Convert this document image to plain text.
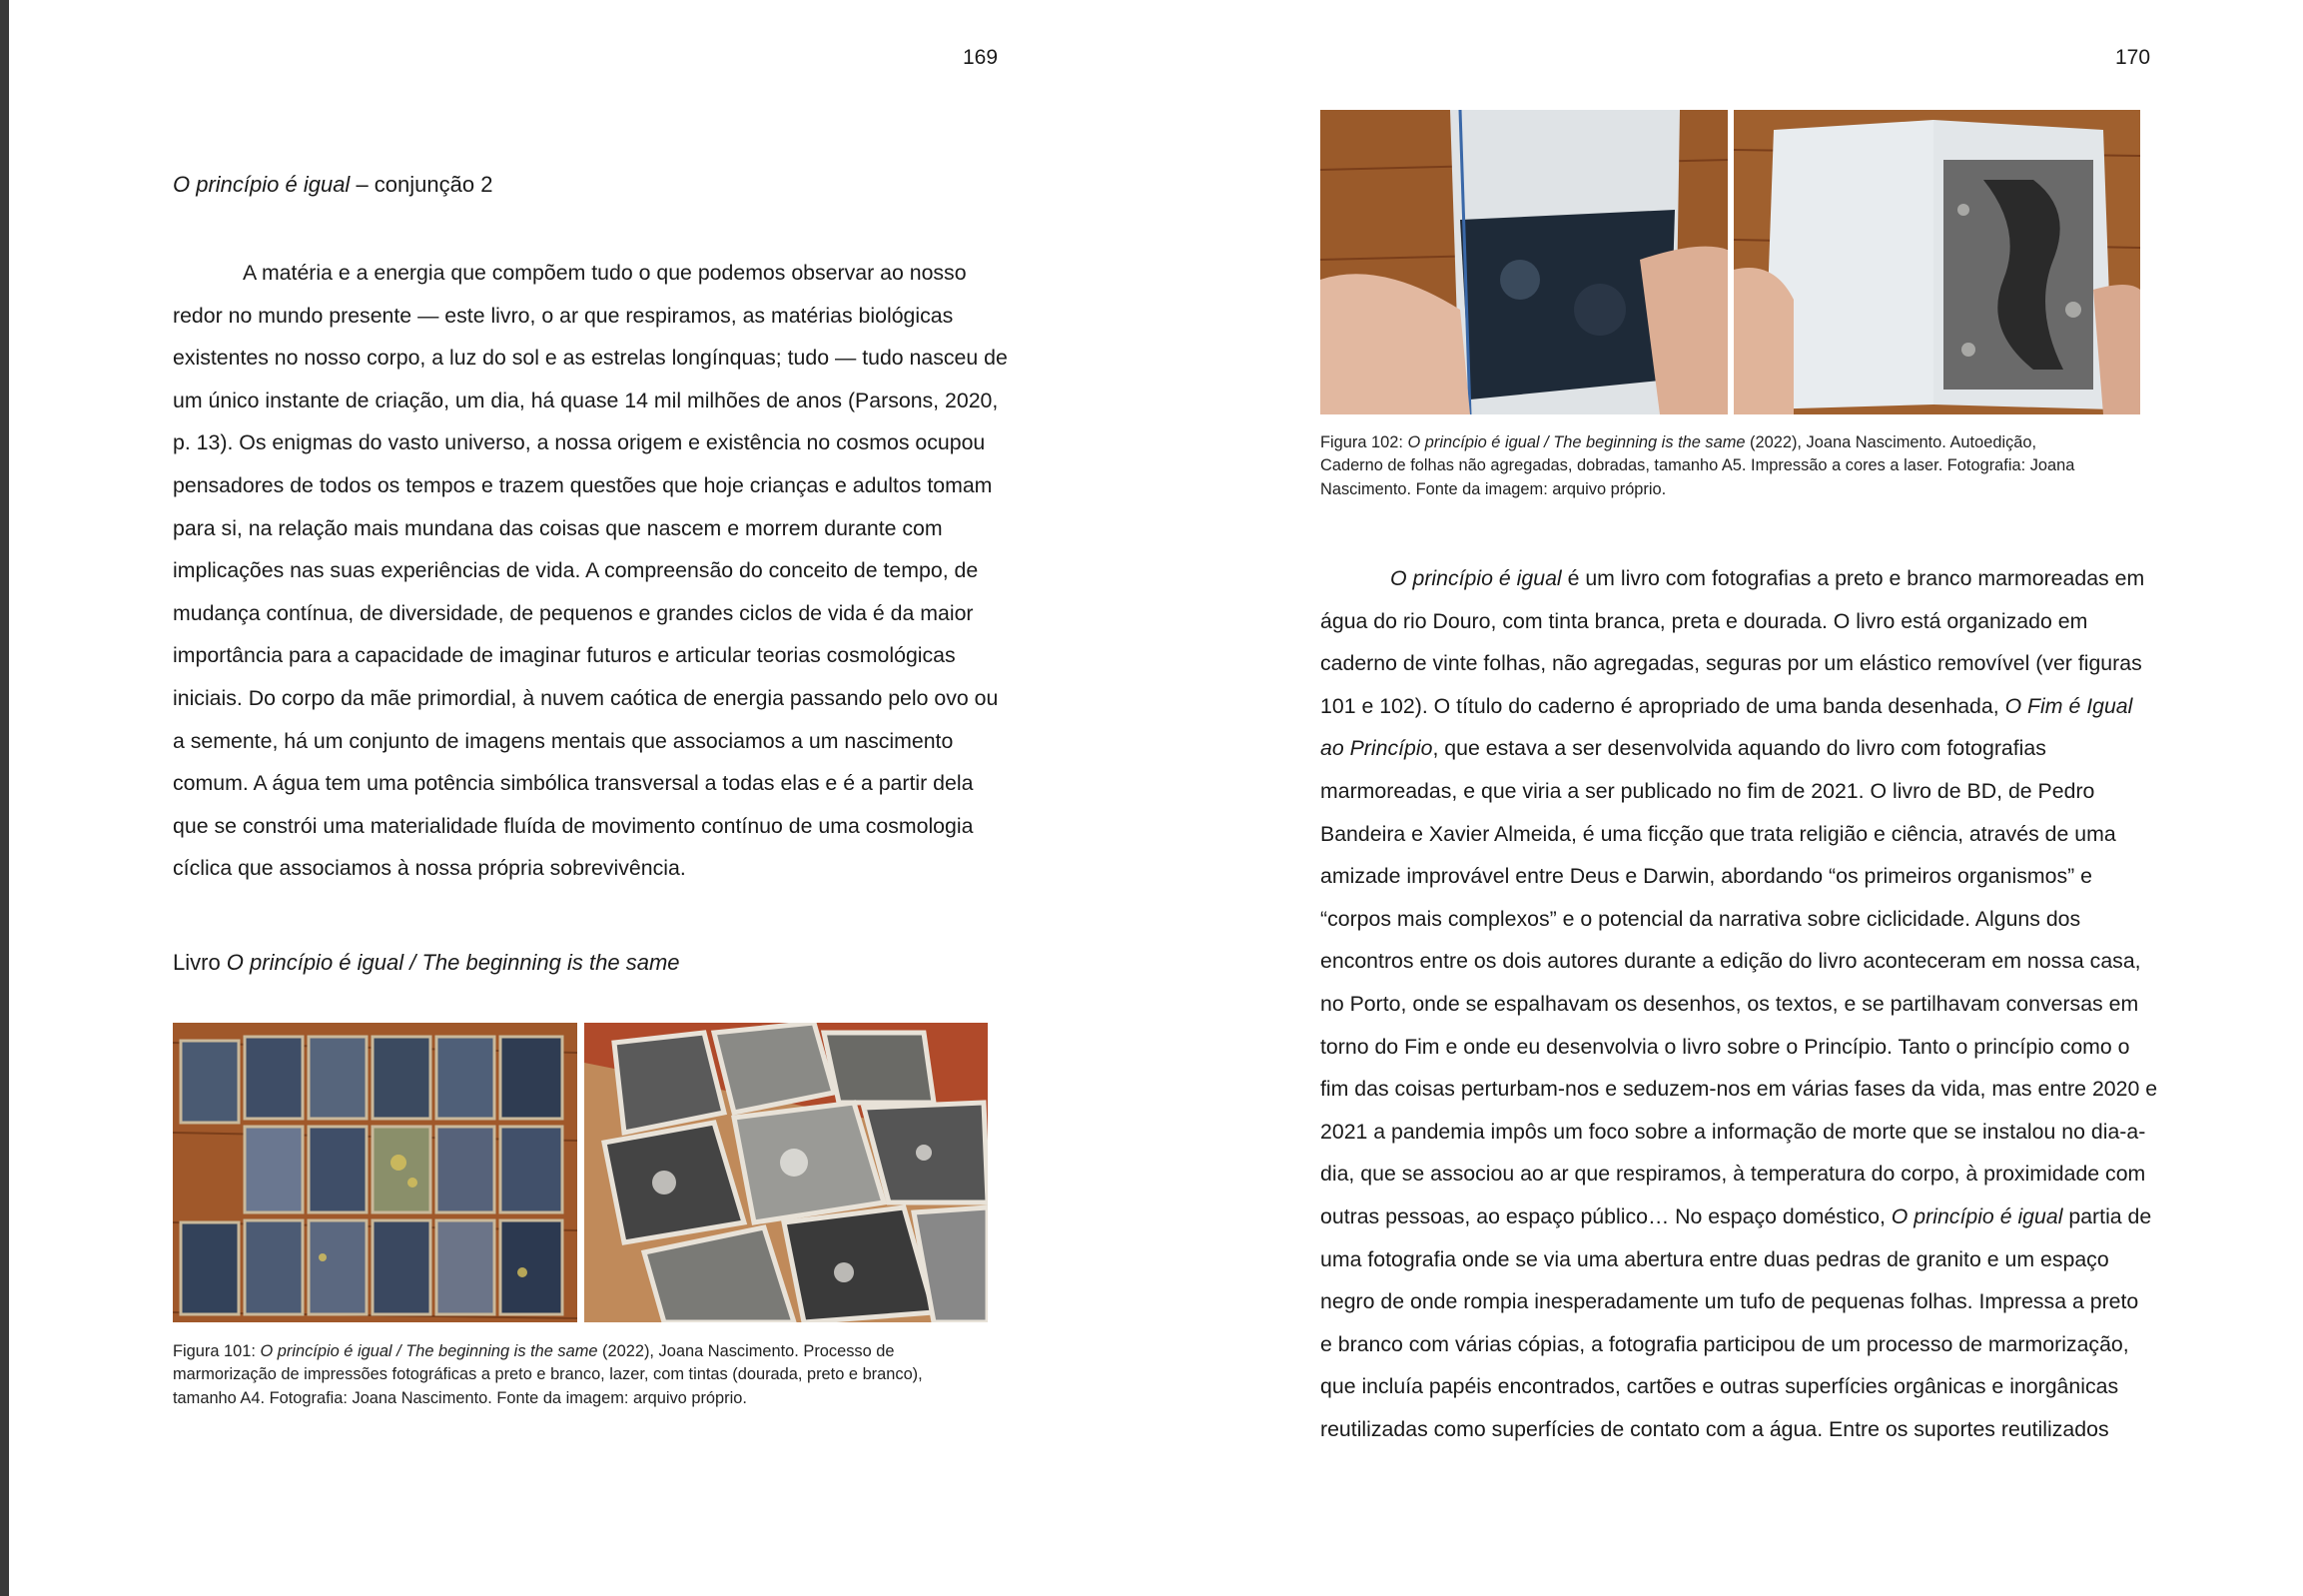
169
O princípio é igual – conjunção 2
A matéria e a energia que compõem tudo o que podemos observar ao nosso
redor no mundo presente — este livro, o ar que respiramos, as matérias biológicas
existentes no nosso corpo, a luz do sol e as estrelas longínquas; tudo — tudo nasceu de
um único instante de criação, um dia, há quase 14 mil milhões de anos (Parsons, 2020,
p. 13). Os enigmas do vasto universo, a nossa origem e existência no cosmos ocupou
pensadores de todos os tempos e trazem questões que hoje crianças e adultos tomam
para si, na relação mais mundana das coisas que nascem e morrem durante com
implicações nas suas experiências de vida. A compreensão do conceito de tempo, de
mudança contínua, de diversidade, de pequenos e grandes ciclos de vida é da maior
importância para a capacidade de imaginar futuros e articular teorias cosmológicas
iniciais. Do corpo da mãe primordial, à nuvem caótica de energia passando pelo ovo ou
a semente, há um conjunto de imagens mentais que associamos a um nascimento
comum. A água tem uma potência simbólica transversal a todas elas e é a partir dela
que se constrói uma materialidade fluída de movimento contínuo de uma cosmologia
cíclica que associamos à nossa própria sobrevivência.
Livro O princípio é igual / The beginning is the same
Figura 101: O princípio é igual / The beginning is the same (2022), Joana Nascimento. Processo de
marmorização de impressões fotográficas a preto e branco, lazer, com tintas (dourada, preto e branco),
tamanho A4. Fotografia: Joana Nascimento. Fonte da imagem: arquivo próprio.
170
Figura 102: O princípio é igual / The beginning is the same (2022), Joana Nascimento. Autoedição,
Caderno de folhas não agregadas, dobradas, tamanho A5. Impressão a cores a laser. Fotografia: Joana
Nascimento. Fonte da imagem: arquivo próprio.
O princípio é igual é um livro com fotografias a preto e branco marmoreadas em
água do rio Douro, com tinta branca, preta e dourada. O livro está organizado em
caderno de vinte folhas, não agregadas, seguras por um elástico removível (ver figuras
101 e 102). O título do caderno é apropriado de uma banda desenhada, O Fim é Igual
ao Princípio, que estava a ser desenvolvida aquando do livro com fotografias
marmoreadas, e que viria a ser publicado no fim de 2021. O livro de BD, de Pedro
Bandeira e Xavier Almeida, é uma ficção que trata religião e ciência, através de uma
amizade improvável entre Deus e Darwin, abordando “os primeiros organismos” e
“corpos mais complexos” e o potencial da narrativa sobre ciclicidade. Alguns dos
encontros entre os dois autores durante a edição do livro aconteceram em nossa casa,
no Porto, onde se espalhavam os desenhos, os textos, e se partilhavam conversas em
torno do Fim e onde eu desenvolvia o livro sobre o Princípio. Tanto o princípio como o
fim das coisas perturbam-nos e seduzem-nos em várias fases da vida, mas entre 2020 e
2021 a pandemia impôs um foco sobre a informação de morte que se instalou no dia-a-
dia, que se associou ao ar que respiramos, à temperatura do corpo, à proximidade com
outras pessoas, ao espaço público… No espaço doméstico, O princípio é igual partia de
uma fotografia onde se via uma abertura entre duas pedras de granito e um espaço
negro de onde rompia inesperadamente um tufo de pequenas folhas. Impressa a preto
e branco com várias cópias, a fotografia participou de um processo de marmorização,
que incluía papéis encontrados, cartões e outras superfícies orgânicas e inorgânicas
reutilizadas como superfícies de contato com a água. Entre os suportes reutilizados
